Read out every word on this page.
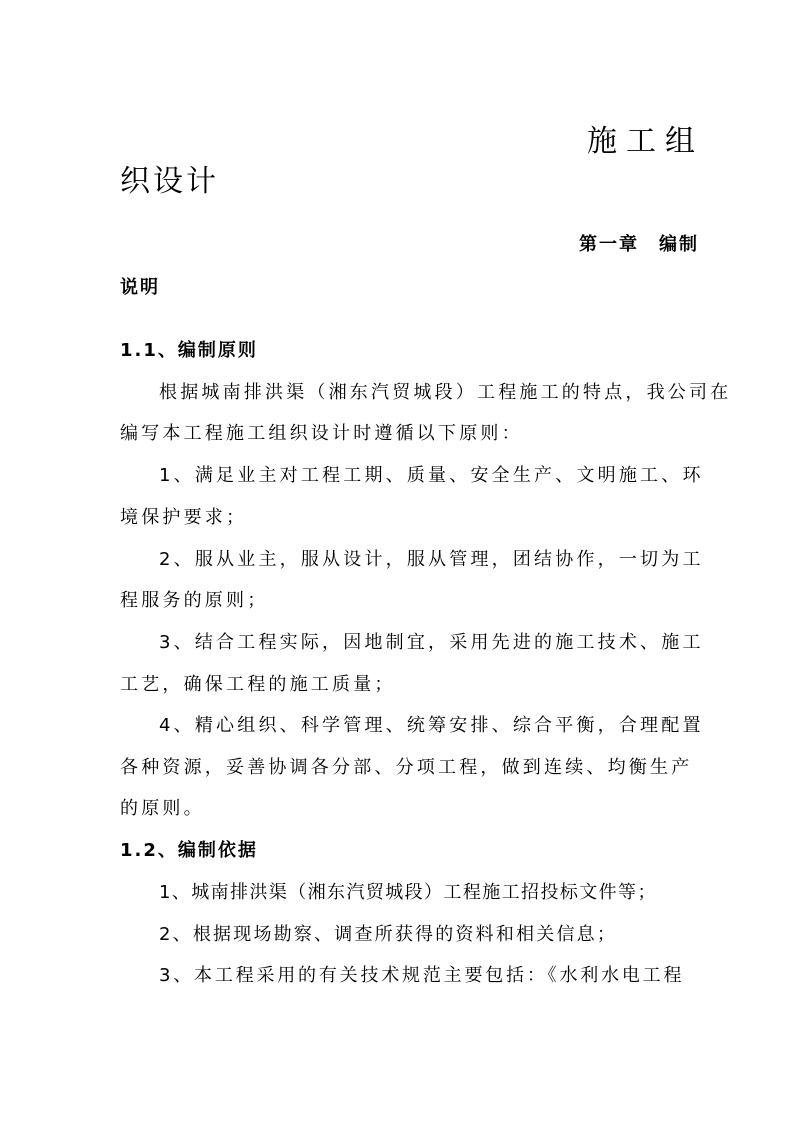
施工组
织设计
第一章　编制
说明
1.1、编制原则
根据城南排洪渠（湘东汽贸城段）工程施工的特点，我公司在
编写本工程施工组织设计时遵循以下原则：
1、满足业主对工程工期、质量、安全生产、文明施工、环
境保护要求；
2、服从业主，服从设计，服从管理，团结协作，一切为工
程服务的原则；
3、结合工程实际，因地制宜，采用先进的施工技术、施工
工艺，确保工程的施工质量；
4、精心组织、科学管理、统筹安排、综合平衡，合理配置
各种资源，妥善协调各分部、分项工程，做到连续、均衡生产
的原则。
1.2、编制依据
1、城南排洪渠（湘东汽贸城段）工程施工招投标文件等；
2、根据现场勘察、调查所获得的资料和相关信息；
3、本工程采用的有关技术规范主要包括：《水利水电工程
